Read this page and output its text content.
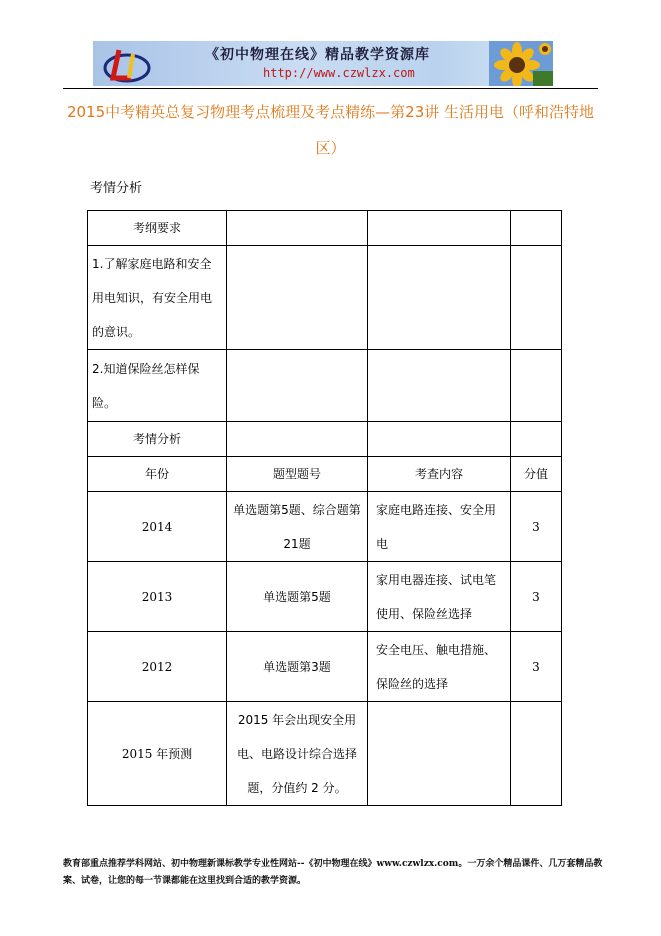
《初中物理在线》精品教学资源库
http://www.czwlzx.com
2015中考精英总复习物理考点梳理及考点精练—第23讲 生活用电（呼和浩特地区）
考情分析
考纲要求			
1.了解家庭电路和安全用电知识，有安全用电的意识。			
2.知道保险丝怎样保险。			
考情分析			
年份	题型题号	考查内容	分值
2014	单选题第5题、综合题第21题	家庭电路连接、安全用电	3
2013	单选题第5题	家用电器连接、试电笔使用、保险丝选择	3
2012	单选题第3题	安全电压、触电措施、保险丝的选择	3
2015 年预测	2015 年会出现安全用电、电路设计综合选择题，分值约 2 分。		
教育部重点推荐学科网站、初中物理新课标教学专业性网站--《初中物理在线》www.czwlzx.com。一万余个精品课件、几万套精品教案、试卷，让您的每一节课都能在这里找到合适的教学资源。
